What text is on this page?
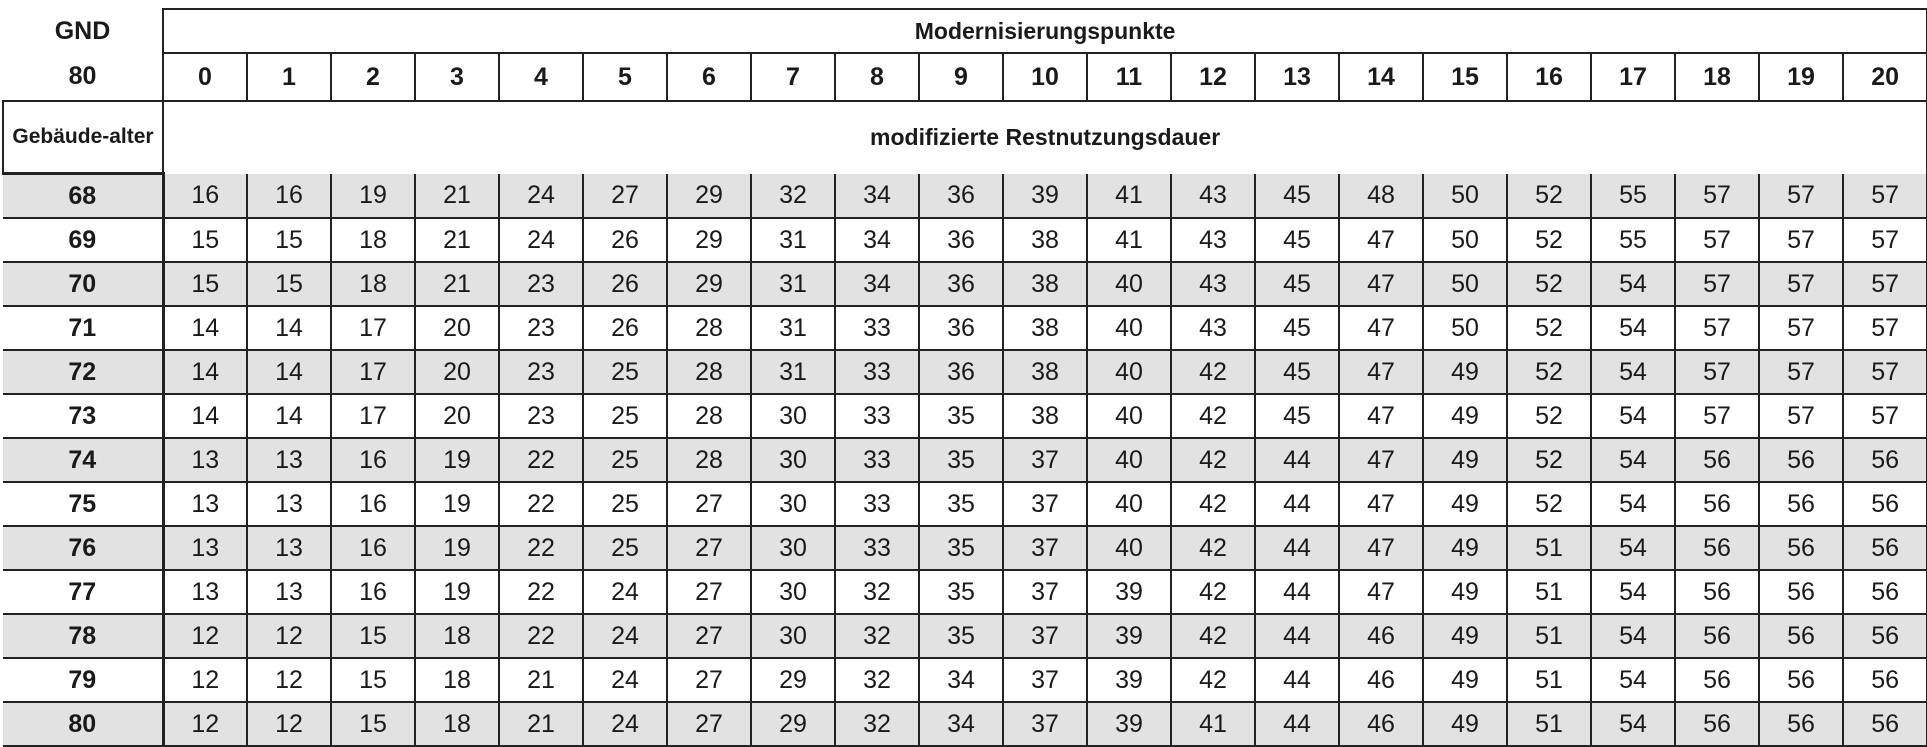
GND	Modernisierungspunkte																				
80	0	1	2	3	4	5	6	7	8	9	10	11	12	13	14	15	16	17	18	19	20
Gebäude-alter	modifizierte Restnutzungsdauer																				
68	16	16	19	21	24	27	29	32	34	36	39	41	43	45	48	50	52	55	57	57	57
69	15	15	18	21	24	26	29	31	34	36	38	41	43	45	47	50	52	55	57	57	57
70	15	15	18	21	23	26	29	31	34	36	38	40	43	45	47	50	52	54	57	57	57
71	14	14	17	20	23	26	28	31	33	36	38	40	43	45	47	50	52	54	57	57	57
72	14	14	17	20	23	25	28	31	33	36	38	40	42	45	47	49	52	54	57	57	57
73	14	14	17	20	23	25	28	30	33	35	38	40	42	45	47	49	52	54	57	57	57
74	13	13	16	19	22	25	28	30	33	35	37	40	42	44	47	49	52	54	56	56	56
75	13	13	16	19	22	25	27	30	33	35	37	40	42	44	47	49	52	54	56	56	56
76	13	13	16	19	22	25	27	30	33	35	37	40	42	44	47	49	51	54	56	56	56
77	13	13	16	19	22	24	27	30	32	35	37	39	42	44	47	49	51	54	56	56	56
78	12	12	15	18	22	24	27	30	32	35	37	39	42	44	46	49	51	54	56	56	56
79	12	12	15	18	21	24	27	29	32	34	37	39	42	44	46	49	51	54	56	56	56
80	12	12	15	18	21	24	27	29	32	34	37	39	41	44	46	49	51	54	56	56	56
